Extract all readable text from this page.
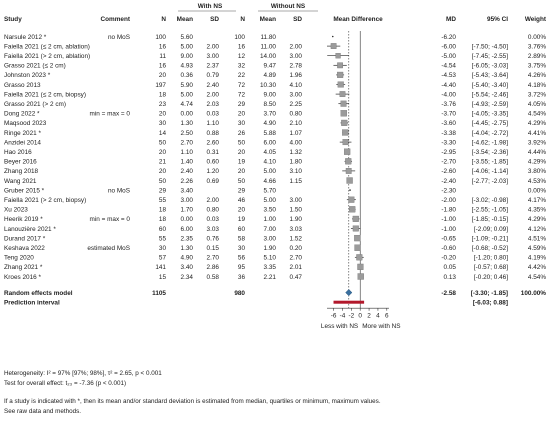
With NS	Without NS
Study	Comment	N Mean	SD	N Mean	SD	Mean Difference	MD	95% CI	Weight
Narsule 2012 *	no MoS	100 5.60	100 11.80	-6.20	0.00%
Faiella 2021 (≤ 2 cm, ablation)	16 5.00 2.00	16 11.00 2.00	-6.00 [-7.50; -4.50]	3.76%
Faiella 2021 (> 2 cm, ablation)	11 9.00 3.00	12 14.00 3.00	-5.00 [-7.45; -2.55]	2.89%
Grasso 2021 (≤ 2 cm)	16 4.93 2.37	32	9.47 2.78	-4.54 [-6.05; -3.03]	3.75%
Johnston 2023 *	20 0.36 0.79	22	4.89 1.96	-4.53 [-5.43; -3.64]	4.26%
Grasso 2013	197 5.90 2.40	72 10.30 4.10	-4.40 [-5.40; -3.40]	4.18%
Faiella 2021 (≤ 2 cm, biopsy)	18 5.00 2.00	72	9.00 3.00	-4.00 [-5.54; -2.46]	3.72%
Grasso 2021 (> 2 cm)	23 4.74 2.03	29	8.50 2.25	-3.76 [-4.93; -2.59]	4.05%
Dong 2022 *	min = max = 0	20 0.00 0.03	20	3.70 0.80	-3.70 [-4.05; -3.35]	4.54%
Maqsood 2023	30 1.30 1.10	30	4.90 2.10	-3.60 [-4.45; -2.75]	4.29%
Ringe 2021 *	14 2.50 0.88	26	5.88 1.07	-3.38 [-4.04; -2.72]	4.41%
Anzidei 2014	50 2.70 2.60	50	6.00 4.00	-3.30 [-4.62; -1.98]	3.92%
Hao 2016	20 1.10 0.31	20	4.05 1.32	-2.95 [-3.54; -2.36]	4.44%
Beyer 2016	21 1.40 0.60	19	4.10 1.80	-2.70 [-3.55; -1.85]	4.29%
Zhang 2018	20 2.40 1.20	20	5.00 3.10	-2.60 [-4.06; -1.14]	3.80%
Wang 2021	50 2.26 0.69	50	4.66 1.15	-2.40 [-2.77; -2.03]	4.53%
Gruber 2015 *	no MoS	29 3.40	29	5.70	-2.30	0.00%
Faiella 2021 (> 2 cm, biopsy)	55 3.00 2.00	46	5.00 3.00	-2.00 [-3.02; -0.98]	4.17%
Xu 2023	18 1.70 0.80	20	3.50 1.50	-1.80 [-2.55; -1.05]	4.35%
Heerik 2019 *	min = max = 0	18 0.00 0.03	19	1.00 1.90	-1.00 [-1.85; -0.15]	4.29%
Lanouzière 2021 *	60 6.00 3.03	60	7.00 3.03	-1.00	[-2.09; 0.09]	4.12%
Durand 2017 *	55 2.35 0.76	58	3.00 1.52	-0.65 [-1.09; -0.21]	4.51%
Keshava 2022	estimated MoS	30 1.30 0.15	30	1.90 0.20	-0.60 [-0.68; -0.52]	4.59%
Teng 2020	57 4.90 2.70	56	5.10 2.70	-0.20	[-1.20; 0.80]	4.19%
Zhang 2021 *	141 3.40 2.86	95	3.35 2.01	0.05	[-0.57; 0.68]	4.42%
Kroes 2016 *	15 2.34 0.58	36	2.21 0.47	0.13	[-0.20; 0.46]	4.54%
Random effects model	1105	980	-2.58 [-3.30; -1.85] 100.00%
Prediction interval	[-6.03; 0.88]
-6 -4 -2 0 2 4 6
Less with NS More with NS
Heterogeneity: I² = 97% [97%; 98%], τ² = 2.65, p < 0.001
Test for overall effect: t₂₃ = -7.36 (p < 0.001)
If a study is indicated with *, then its mean and/or standard deviation is estimated from median, quartiles or minimum, maximum values.
See raw data and methods.
